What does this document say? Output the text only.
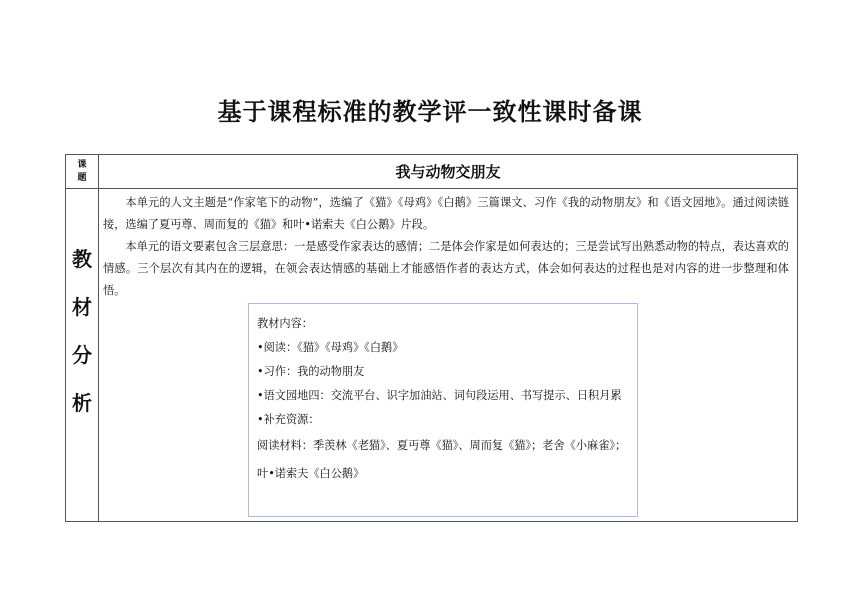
基于课程标准的教学评一致性课时备课
课
题	我与动物交朋友
教
材
分
析

本单元的人文主题是“作家笔下的动物”，选编了《猫》《母鸡》《白鹅》三篇课文、习作《我的动物朋友》和《语文园地》。通过阅读链接，选编了夏丏尊、周而复的《猫》和叶•诺索夫《白公鹅》片段。

本单元的语文要素包含三层意思：一是感受作家表达的感情；二是体会作家是如何表达的；三是尝试写出熟悉动物的特点，表达喜欢的情感。三个层次有其内在的逻辑，在领会表达情感的基础上才能感悟作者的表达方式，体会如何表达的过程也是对内容的进一步整理和体悟。

教材内容：
•阅读：《猫》《母鸡》《白鹅》
•习作：我的动物朋友
•语文园地四：交流平台、识字加油站、词句段运用、书写提示、日积月累
•补充资源：
阅读材料：季羡林《老猫》、夏丏尊《猫》、周而复《猫》；老舍《小麻雀》；叶•诺索夫《白公鹅》
